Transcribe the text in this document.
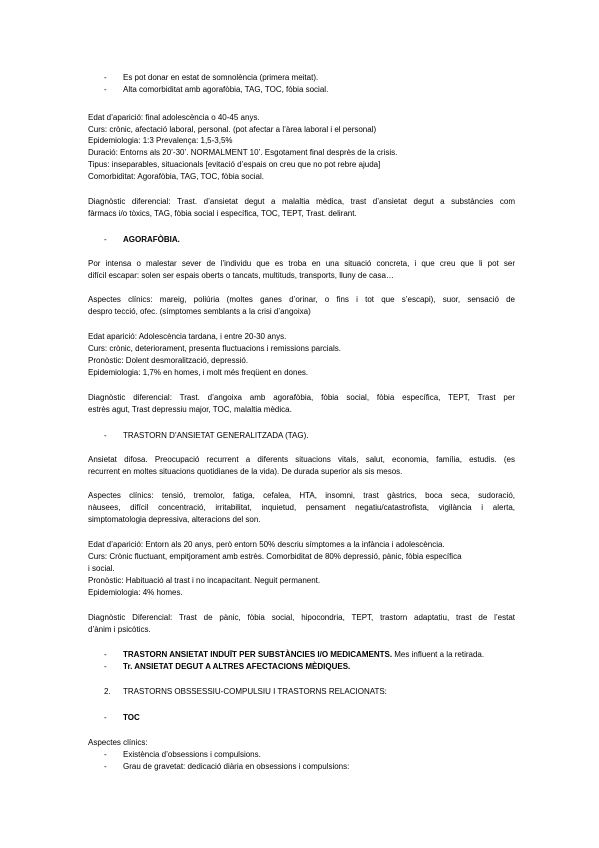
- Es pot donar en estat de somnolència (primera meitat).
- Alta comorbiditat amb agorafòbia, TAG, TOC, fòbia social.
Edat d’aparició: final adolescència o 40-45 anys.
Curs: crònic, afectació laboral, personal. (pot afectar a l’àrea laboral i el personal)
Epidemiologia: 1:3 Prevalença: 1,5-3,5%
Duració: Entorns als 20’-30’. NORMALMENT 10’. Esgotament final desprès de la crisis.
Tipus: inseparables, situacionals [evitació d’espais on creu que no pot rebre ajuda]
Comorbiditat: Agorafòbia, TAG, TOC, fòbia social.
Diagnòstic diferencial: Trast. d’ansietat degut a malaltia mèdica, trast d’ansietat degut a substàncies com
fàrmacs i/o tòxics, TAG, fòbia social i específica, TOC, TEPT, Trast. delirant.
- AGORAFÒBIA.
Por intensa o malestar sever de l’individu que es troba en una situació concreta, i que creu que li pot ser
difícil escapar: solen ser espais oberts o tancats, multituds, transports, lluny de casa…
Aspectes clínics: mareig, poliúria (moltes ganes d’orinar, o fins i tot que s’escapi), suor, sensació de
despro tecció, ofec. (símptomes semblants a la crisi d’angoixa)
Edat aparició: Adolescència tardana, i entre 20-30 anys.
Curs: crònic, deteriorament, presenta fluctuacions i remissions parcials.
Pronòstic: Dolent desmoralització, depressió.
Epidemiologia: 1,7% en homes, i molt més freqüent en dones.
Diagnòstic diferencial: Trast. d’angoixa amb agorafòbia, fòbia social, fòbia específica, TEPT, Trast per
estrès agut, Trast depressiu major, TOC, malaltia mèdica.
- TRASTORN D’ANSIETAT GENERALITZADA (TAG).
Ansietat difosa. Preocupació recurrent a diferents situacions vitals, salut, economia, família, estudis. (es
recurrent en moltes situacions quotidianes de la vida). De durada superior als sis mesos.
Aspectes clínics: tensió, tremolor, fatiga, cefalea, HTA, insomni, trast gàstrics, boca seca, sudoració,
nàusees, difícil concentració, irritabilitat, inquietud, pensament negatiu/catastrofista, vigilància i alerta,
simptomatologia depressiva, alteracions del son.
Edat d’aparició: Entorn als 20 anys, però entorn 50% descriu símptomes a la infància i adolescència.
Curs: Crònic fluctuant, empitjorament amb estrès. Comorbiditat de 80% depressió, pànic, fòbia específica
i social.
Pronòstic: Habituació al trast i no incapacitant. Neguit permanent.
Epidemiologia: 4% homes.
Diagnòstic Diferencial: Trast de pànic, fòbia social, hipocondria, TEPT, trastorn adaptatiu, trast de l’estat
d’ànim i psicòtics.
- TRASTORN ANSIETAT INDUÏT PER SUBSTÀNCIES I/O MEDICAMENTS. Mes influent a la retirada.
- Tr. ANSIETAT DEGUT A ALTRES AFECTACIONS MÈDIQUES.
2. TRASTORNS OBSSESSIU-COMPULSIU I TRASTORNS RELACIONATS:
- TOC
Aspectes clínics:
- Existència d’obsessions i compulsions.
- Grau de gravetat: dedicació diària en obsessions i compulsions:
